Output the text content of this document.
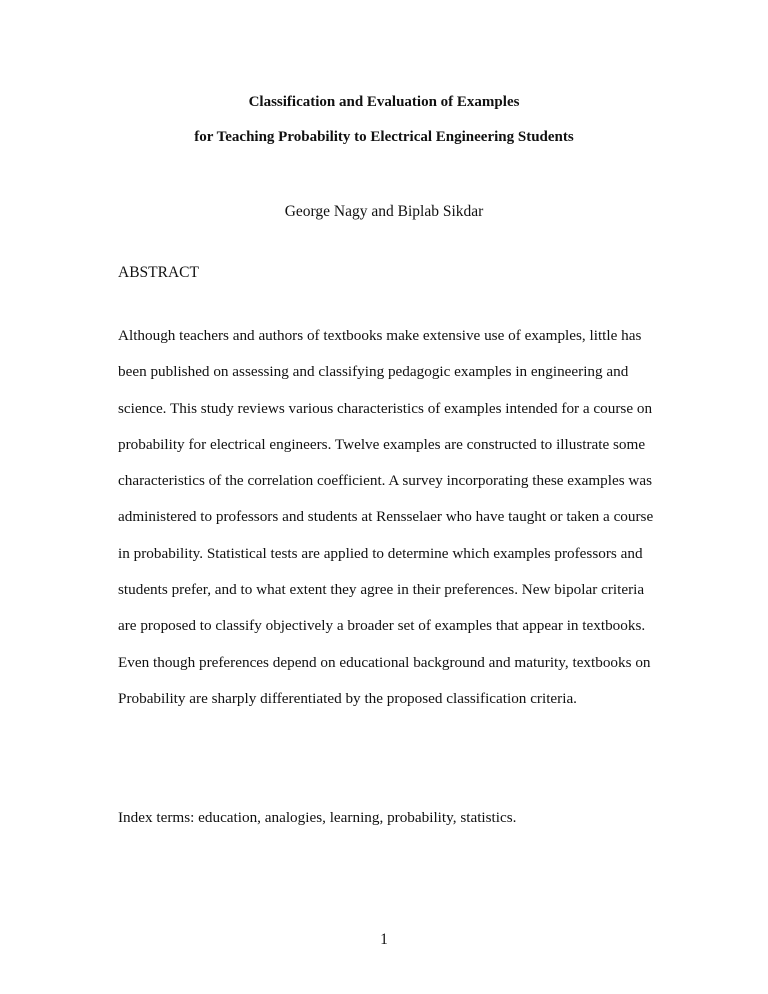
Classification and Evaluation of Examples
for Teaching Probability to Electrical Engineering Students
George Nagy and Biplab Sikdar
ABSTRACT

Although teachers and authors of textbooks make extensive use of examples, little has
been published on assessing and classifying pedagogic examples in engineering and
science. This study reviews various characteristics of examples intended for a course on
probability for electrical engineers. Twelve examples are constructed to illustrate some
characteristics of the correlation coefficient. A survey incorporating these examples was
administered to professors and students at Rensselaer who have taught or taken a course
in probability. Statistical tests are applied to determine which examples professors and
students prefer, and to what extent they agree in their preferences. New bipolar criteria
are proposed to classify objectively a broader set of examples that appear in textbooks.
Even though preferences depend on educational background and maturity, textbooks on
Probability are sharply differentiated by the proposed classification criteria.

Index terms: education, analogies, learning, probability, statistics.
1
